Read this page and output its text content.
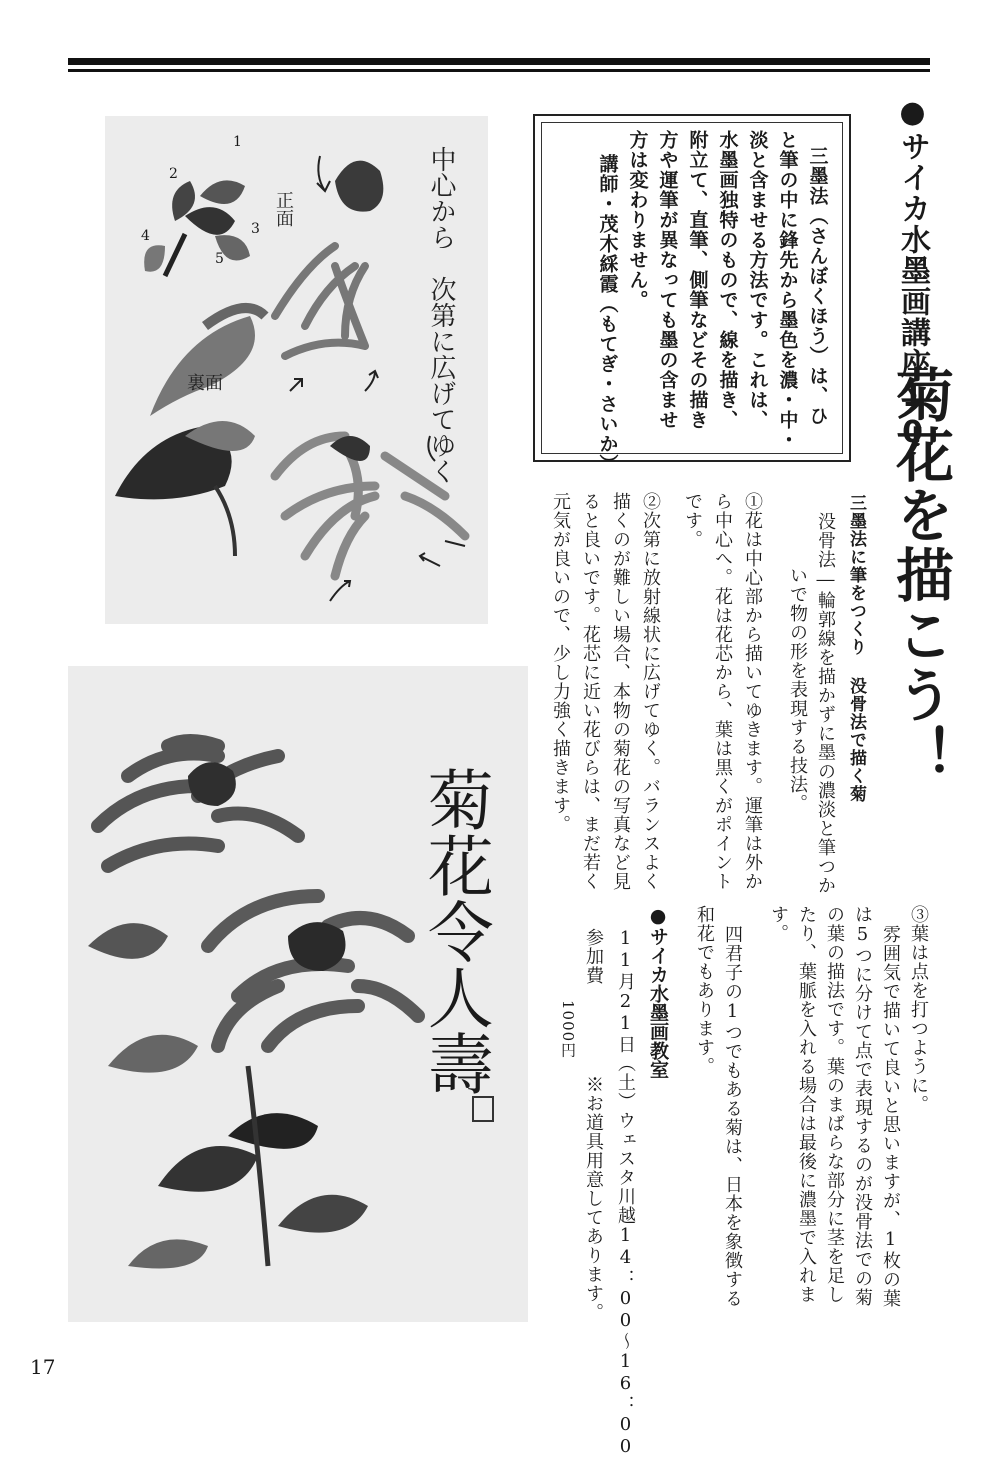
●サイカ水墨画講座10
菊花を描こう！
三墨法（さんぼくほう）は、ひ
と筆の中に鋒先から墨色を濃・中・
淡と含ませる方法です。これは、
水墨画独特のもので、線を描き、
附立て、直筆、側筆などその描き
方や運筆が異なっても墨の含ませ
方は変わりません。
講師・茂木綵霞（もてぎ・さいか）
三墨法に筆をつくり 没骨法で描く菊
没骨法―輪郭線を描かずに墨の濃淡と筆つか
いで物の形を表現する技法。
①花は中心部から描いてゆきます。運筆は外か
ら中心へ。花は花芯から、葉は黒くがポイント
です。
②次第に放射線状に広げてゆく。バランスよく
描くのが難しい場合、本物の菊花の写真など見
ると良いです。花芯に近い花びらは、まだ若く
元気が良いので、少し力強く描きます。
③葉は点を打つように。
雰囲気で描いて良いと思いますが、1枚の葉
は5つに分けて点で表現するのが没骨法での菊
の葉の描法です。葉のまばらな部分に茎を足し
たり、葉脈を入れる場合は最後に濃墨で入れま
す。
四君子の1つでもある菊は、日本を象徴する
和花でもあります。
●サイカ水墨画教室
11月21日（土）ウェスタ川越14：00～16：00
参加費
1000円
※お道具用意してあります。
中心から
次第に広げてゆく
正面
裏面
1
2
3
4
5
菊花令人壽
17
